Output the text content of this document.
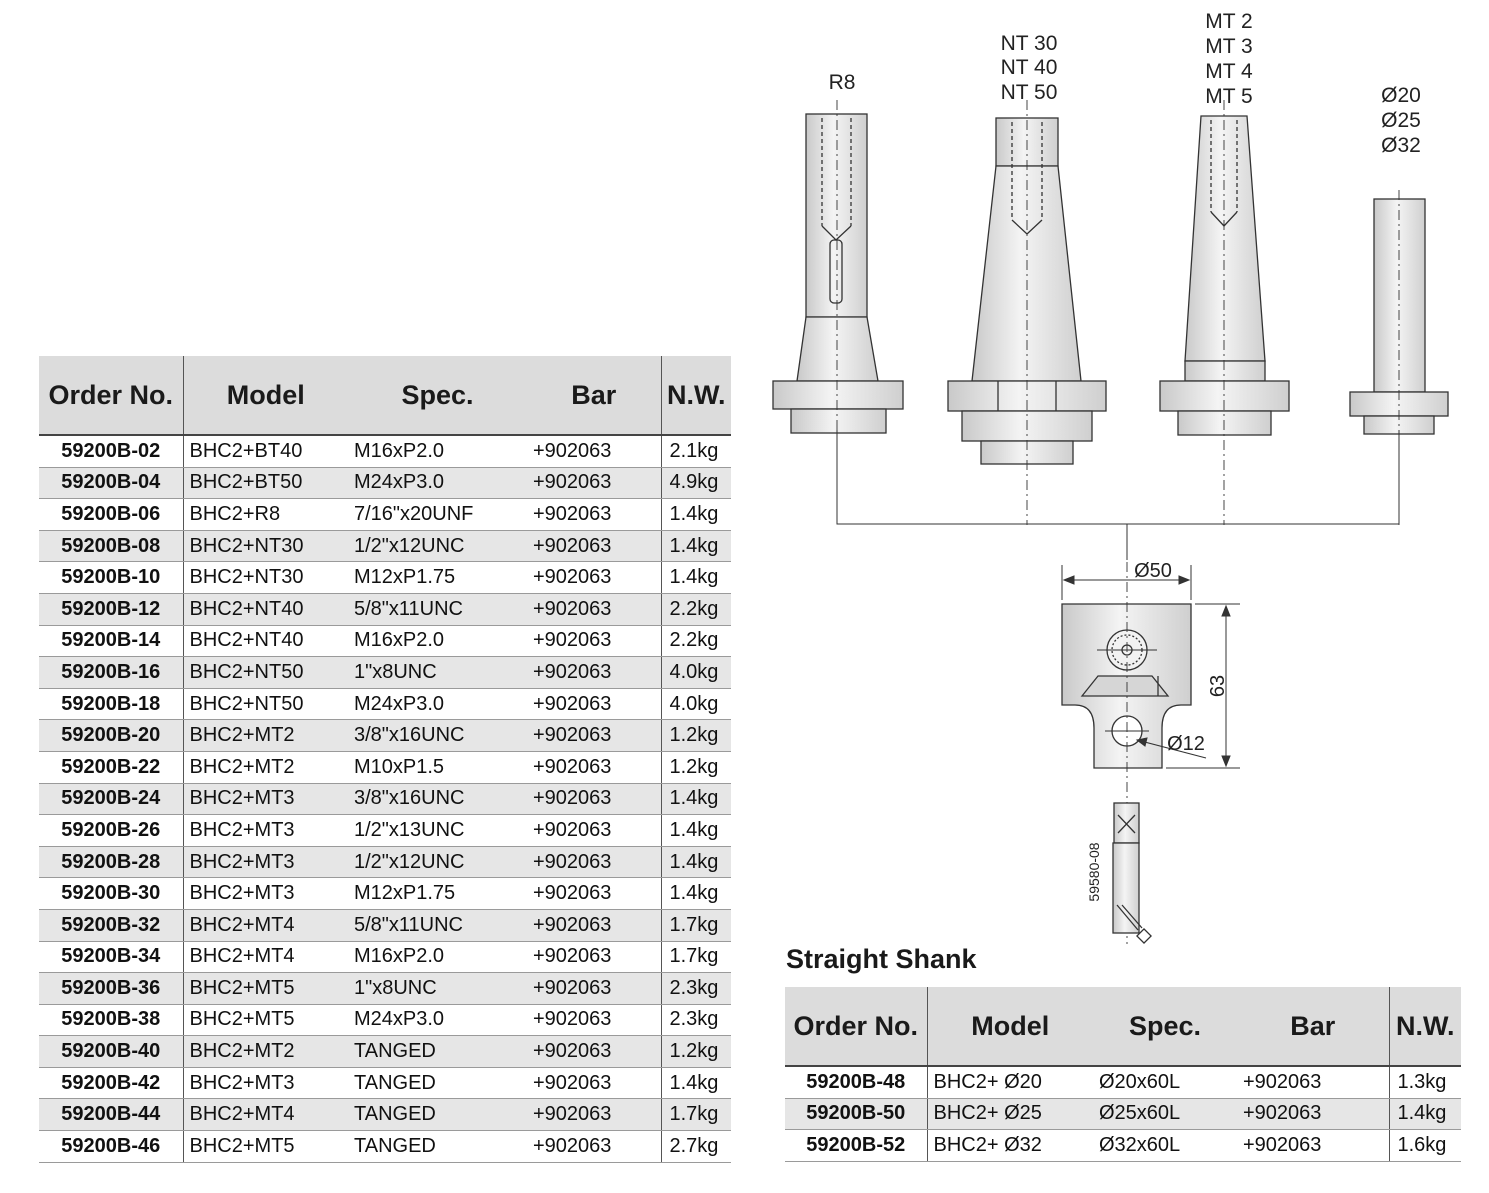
R8
NT 30
NT 40
NT 50
MT 2
MT 3
MT 4
MT 5	Ø20
Ø25
Ø32
Ø50
63
Ø12
59580-08
Order No.	Model	Spec.	Bar	N.W.
59200B-02	BHC2+BT40	M16xP2.0	+902063	2.1kg
59200B-04	BHC2+BT50	M24xP3.0	+902063	4.9kg
59200B-06	BHC2+R8	7/16"x20UNF	+902063	1.4kg
59200B-08	BHC2+NT30	1/2"x12UNC	+902063	1.4kg
59200B-10	BHC2+NT30	M12xP1.75	+902063	1.4kg
59200B-12	BHC2+NT40	5/8"x11UNC	+902063	2.2kg
59200B-14	BHC2+NT40	M16xP2.0	+902063	2.2kg
59200B-16	BHC2+NT50	1"x8UNC	+902063	4.0kg
59200B-18	BHC2+NT50	M24xP3.0	+902063	4.0kg
59200B-20	BHC2+MT2	3/8"x16UNC	+902063	1.2kg
59200B-22	BHC2+MT2	M10xP1.5	+902063	1.2kg
59200B-24	BHC2+MT3	3/8"x16UNC	+902063	1.4kg
59200B-26	BHC2+MT3	1/2"x13UNC	+902063	1.4kg
59200B-28	BHC2+MT3	1/2"x12UNC	+902063	1.4kg
59200B-30	BHC2+MT3	M12xP1.75	+902063	1.4kg
59200B-32	BHC2+MT4	5/8"x11UNC	+902063	1.7kg
59200B-34	BHC2+MT4	M16xP2.0	+902063	1.7kg
59200B-36	BHC2+MT5	1"x8UNC	+902063	2.3kg
59200B-38	BHC2+MT5	M24xP3.0	+902063	2.3kg
59200B-40	BHC2+MT2	TANGED	+902063	1.2kg
59200B-42	BHC2+MT3	TANGED	+902063	1.4kg
59200B-44	BHC2+MT4	TANGED	+902063	1.7kg
59200B-46	BHC2+MT5	TANGED	+902063	2.7kg
Straight Shank
Order No.	Model	Spec.	Bar	N.W.
59200B-48	BHC2+ Ø20	Ø20x60L	+902063	1.3kg
59200B-50	BHC2+ Ø25	Ø25x60L	+902063	1.4kg
59200B-52	BHC2+ Ø32	Ø32x60L	+902063	1.6kg
